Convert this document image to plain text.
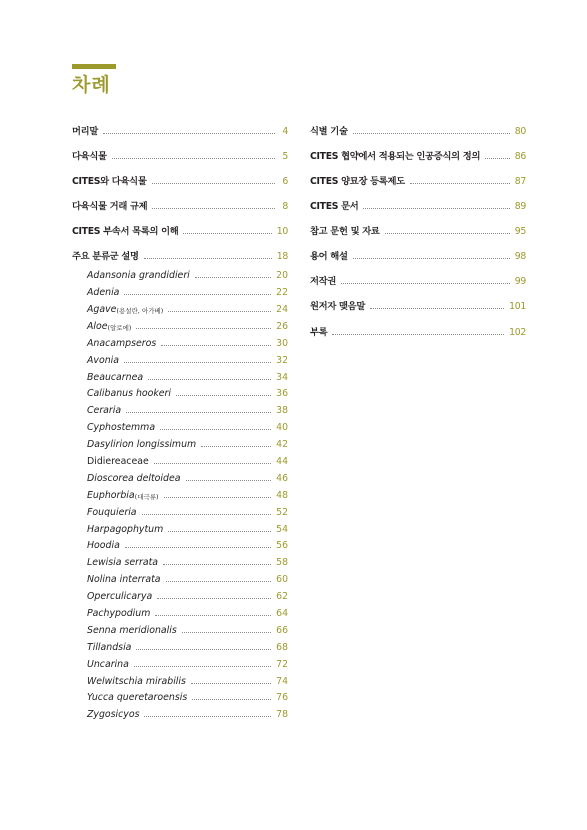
차례
머리말	4
다육식물	5
CITES와 다육식물	6
다육식물 거래 규제	8
CITES 부속서 목록의 이해	10
주요 분류군 설명	18
Adansonia grandidieri	20
Adenia	22
Agave (용설란, 아가베)	24
Aloe (알로에)	26
Anacampseros	30
Avonia	32
Beaucarnea	34
Calibanus hookeri	36
Ceraria	38
Cyphostemma	40
Dasylirion longissimum	42
Didiereaceae	44
Dioscorea deltoidea	46
Euphorbia (대극류)	48
Fouquieria	52
Harpagophytum	54
Hoodia	56
Lewisia serrata	58
Nolina interrata	60
Operculicarya	62
Pachypodium	64
Senna meridionalis	66
Tillandsia	68
Uncarina	72
Welwitschia mirabilis	74
Yucca queretaroensis	76
Zygosicyos	78
식별 기술	80
CITES 협약에서 적용되는 인공증식의 정의	86
CITES 양묘장 등록제도	87
CITES 문서	89
참고 문헌 및 자료	95
용어 해설	98
저작권	99
원저자 맺음말	101
부록	102
